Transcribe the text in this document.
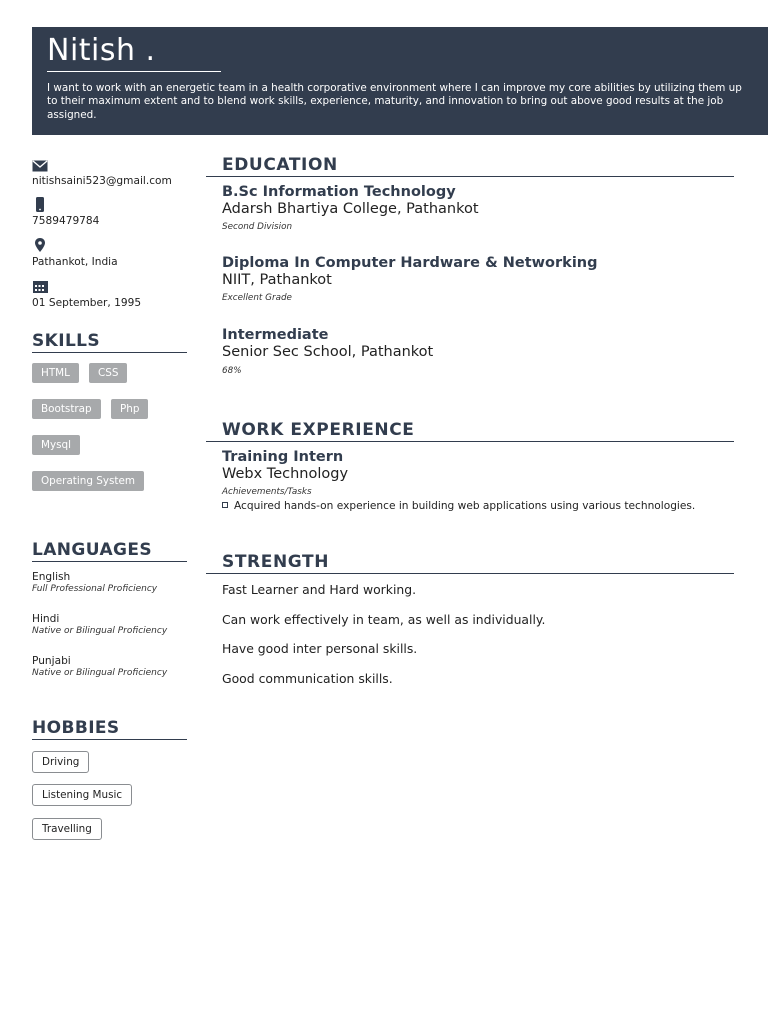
Nitish .
I want to work with an energetic team in a health corporative environment where I can improve my core abilities by utilizing them up to their maximum extent and to blend work skills, experience, maturity, and innovation to bring out above good results at the job assigned.
nitishsaini523@gmail.com
7589479784
Pathankot, India
01 September, 1995
SKILLS
HTML	CSS
Bootstrap	Php
Mysql
Operating System
LANGUAGES
English
Full Professional Proficiency
Hindi
Native or Bilingual Proficiency
Punjabi
Native or Bilingual Proficiency
HOBBIES
Driving
Listening Music
Travelling
EDUCATION
B.Sc Information Technology
Adarsh Bhartiya College, Pathankot
Second Division
Diploma In Computer Hardware & Networking
NIIT, Pathankot
Excellent Grade
Intermediate
Senior Sec School, Pathankot
68%
WORK EXPERIENCE
Training Intern
Webx Technology
Achievements/Tasks
Acquired hands-on experience in building web applications using various technologies.
STRENGTH
Fast Learner and Hard working.
Can work effectively in team, as well as individually.
Have good inter personal skills.
Good communication skills.
